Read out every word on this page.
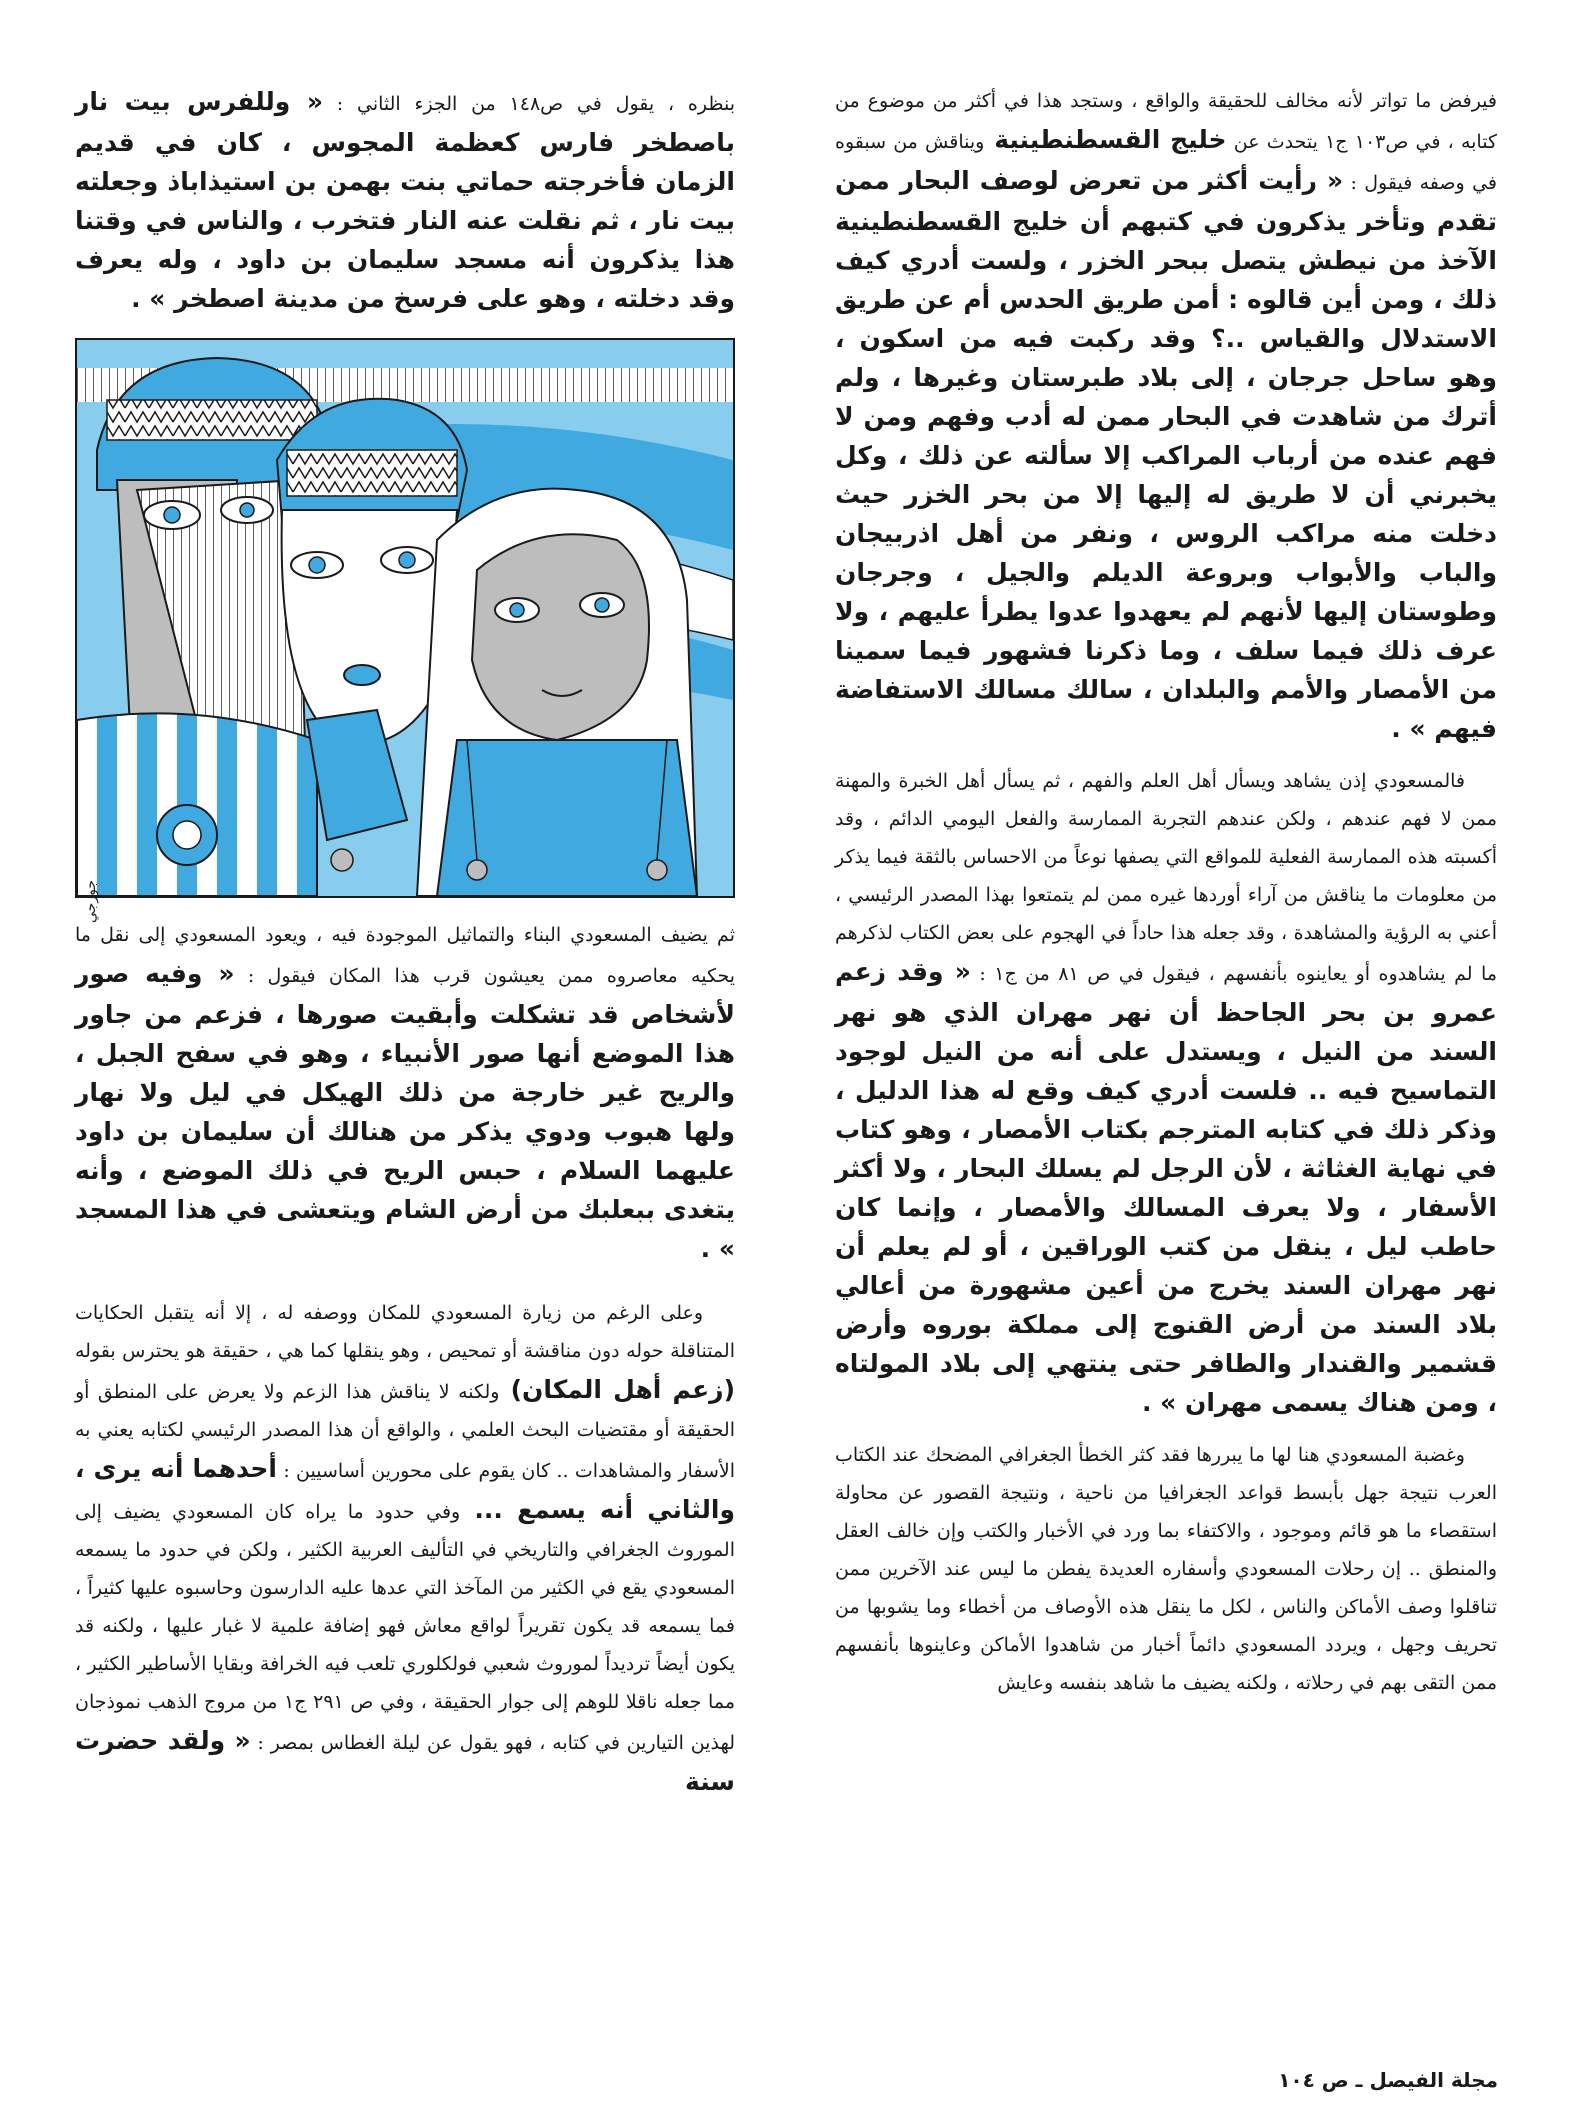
فيرفض ما تواتر لأنه مخالف للحقيقة والواقع ، وستجد هذا في أكثر من موضوع من كتابه ، في ص١٠٣ ج١ يتحدث عن خليج القسطنطينية ويناقش من سبقوه في وصفه فيقول : « رأيت أكثر من تعرض لوصف البحار ممن تقدم وتأخر يذكرون في كتبهم أن خليج القسطنطينية الآخذ من نيطش يتصل ببحر الخزر ، ولست أدري كيف ذلك ، ومن أين قالوه : أمن طريق الحدس أم عن طريق الاستدلال والقياس ..؟ وقد ركبت فيه من اسكون ، وهو ساحل جرجان ، إلى بلاد طبرستان وغيرها ، ولم أترك من شاهدت في البحار ممن له أدب وفهم ومن لا فهم عنده من أرباب المراكب إلا سألته عن ذلك ، وكل يخبرني أن لا طريق له إليها إلا من بحر الخزر حيث دخلت منه مراكب الروس ، ونفر من أهل اذربيجان والباب والأبواب وبروعة الديلم والجيل ، وجرجان وطوستان إليها لأنهم لم يعهدوا عدوا يطرأ عليهم ، ولا عرف ذلك فيما سلف ، وما ذكرنا فشهور فيما سمينا من الأمصار والأمم والبلدان ، سالك مسالك الاستفاضة فيهم » .

فالمسعودي إذن يشاهد ويسأل أهل العلم والفهم ، ثم يسأل أهل الخبرة والمهنة ممن لا فهم عندهم ، ولكن عندهم التجربة الممارسة والفعل اليومي الدائم ، وقد أكسبته هذه الممارسة الفعلية للمواقع التي يصفها نوعاً من الاحساس بالثقة فيما يذكر من معلومات ما يناقش من آراء أوردها غيره ممن لم يتمتعوا بهذا المصدر الرئيسي ، أعني به الرؤية والمشاهدة ، وقد جعله هذا حاداً في الهجوم على بعض الكتاب لذكرهم ما لم يشاهدوه أو يعاينوه بأنفسهم ، فيقول في ص ٨١ من ج١ : « وقد زعم عمرو بن بحر الجاحظ أن نهر مهران الذي هو نهر السند من النيل ، ويستدل على أنه من النيل لوجود التماسيح فيه .. فلست أدري كيف وقع له هذا الدليل ، وذكر ذلك في كتابه المترجم بكتاب الأمصار ، وهو كتاب في نهاية الغثاثة ، لأن الرجل لم يسلك البحار ، ولا أكثر الأسفار ، ولا يعرف المسالك والأمصار ، وإنما كان حاطب ليل ، ينقل من كتب الوراقين ، أو لم يعلم أن نهر مهران السند يخرج من أعين مشهورة من أعالي بلاد السند من أرض القنوج إلى مملكة بوروه وأرض قشمير والقندار والطافر حتى ينتهي إلى بلاد المولتاه ، ومن هناك يسمى مهران » .

وغضبة المسعودي هنا لها ما يبررها فقد كثر الخطأ الجغرافي المضحك عند الكتاب العرب نتيجة جهل بأبسط قواعد الجغرافيا من ناحية ، ونتيجة القصور عن محاولة استقصاء ما هو قائم وموجود ، والاكتفاء بما ورد في الأخبار والكتب وإن خالف العقل والمنطق .. إن رحلات المسعودي وأسفاره العديدة يفطن ما ليس عند الآخرين ممن تناقلوا وصف الأماكن والناس ، لكل ما ينقل هذه الأوصاف من أخطاء وما يشوبها من تحريف وجهل ، ويردد المسعودي دائماً أخبار من شاهدوا الأماكن وعاينوها بأنفسهم ممن التقى بهم في رحلاته ، ولكنه يضيف ما شاهد بنفسه وعايش

بنظره ، يقول في ص١٤٨ من الجزء الثاني : « وللفرس بيت نار باصطخر فارس كعظمة المجوس ، كان في قديم الزمان فأخرجته حماتي بنت بهمن بن استيذاباذ وجعلته بيت نار ، ثم نقلت عنه النار فتخرب ، والناس في وقتنا هذا يذكرون أنه مسجد سليمان بن داود ، وله يعرف وقد دخلته ، وهو على فرسخ من مدينة اصطخر » .

جورجي

ثم يضيف المسعودي البناء والتماثيل الموجودة فيه ، ويعود المسعودي إلى نقل ما يحكيه معاصروه ممن يعيشون قرب هذا المكان فيقول : « وفيه صور لأشخاص قد تشكلت وأبقيت صورها ، فزعم من جاور هذا الموضع أنها صور الأنبياء ، وهو في سفح الجبل ، والريح غير خارجة من ذلك الهيكل في ليل ولا نهار ولها هبوب ودوي يذكر من هنالك أن سليمان بن داود عليهما السلام ، حبس الريح في ذلك الموضع ، وأنه يتغدى ببعلبك من أرض الشام ويتعشى في هذا المسجد » .

وعلى الرغم من زيارة المسعودي للمكان ووصفه له ، إلا أنه يتقبل الحكايات المتناقلة حوله دون مناقشة أو تمحيص ، وهو ينقلها كما هي ، حقيقة هو يحترس بقوله (زعم أهل المكان) ولكنه لا يناقش هذا الزعم ولا يعرض على المنطق أو الحقيقة أو مقتضيات البحث العلمي ، والواقع أن هذا المصدر الرئيسي لكتابه يعني به الأسفار والمشاهدات .. كان يقوم على محورين أساسيين : أحدهما أنه يرى ، والثاني أنه يسمع ... وفي حدود ما يراه كان المسعودي يضيف إلى الموروث الجغرافي والتاريخي في التأليف العربية الكثير ، ولكن في حدود ما يسمعه المسعودي يقع في الكثير من المآخذ التي عدها عليه الدارسون وحاسبوه عليها كثيراً ، فما يسمعه قد يكون تقريراً لواقع معاش فهو إضافة علمية لا غبار عليها ، ولكنه قد يكون أيضاً ترديداً لموروث شعبي فولكلوري تلعب فيه الخرافة وبقايا الأساطير الكثير ، مما جعله ناقلا للوهم إلى جوار الحقيقة ، وفي ص ٢٩١ ج١ من مروج الذهب نموذجان لهذين التيارين في كتابه ، فهو يقول عن ليلة الغطاس بمصر : « ولقد حضرت سنة

مجلة الفيصل ـ ص ١٠٤
